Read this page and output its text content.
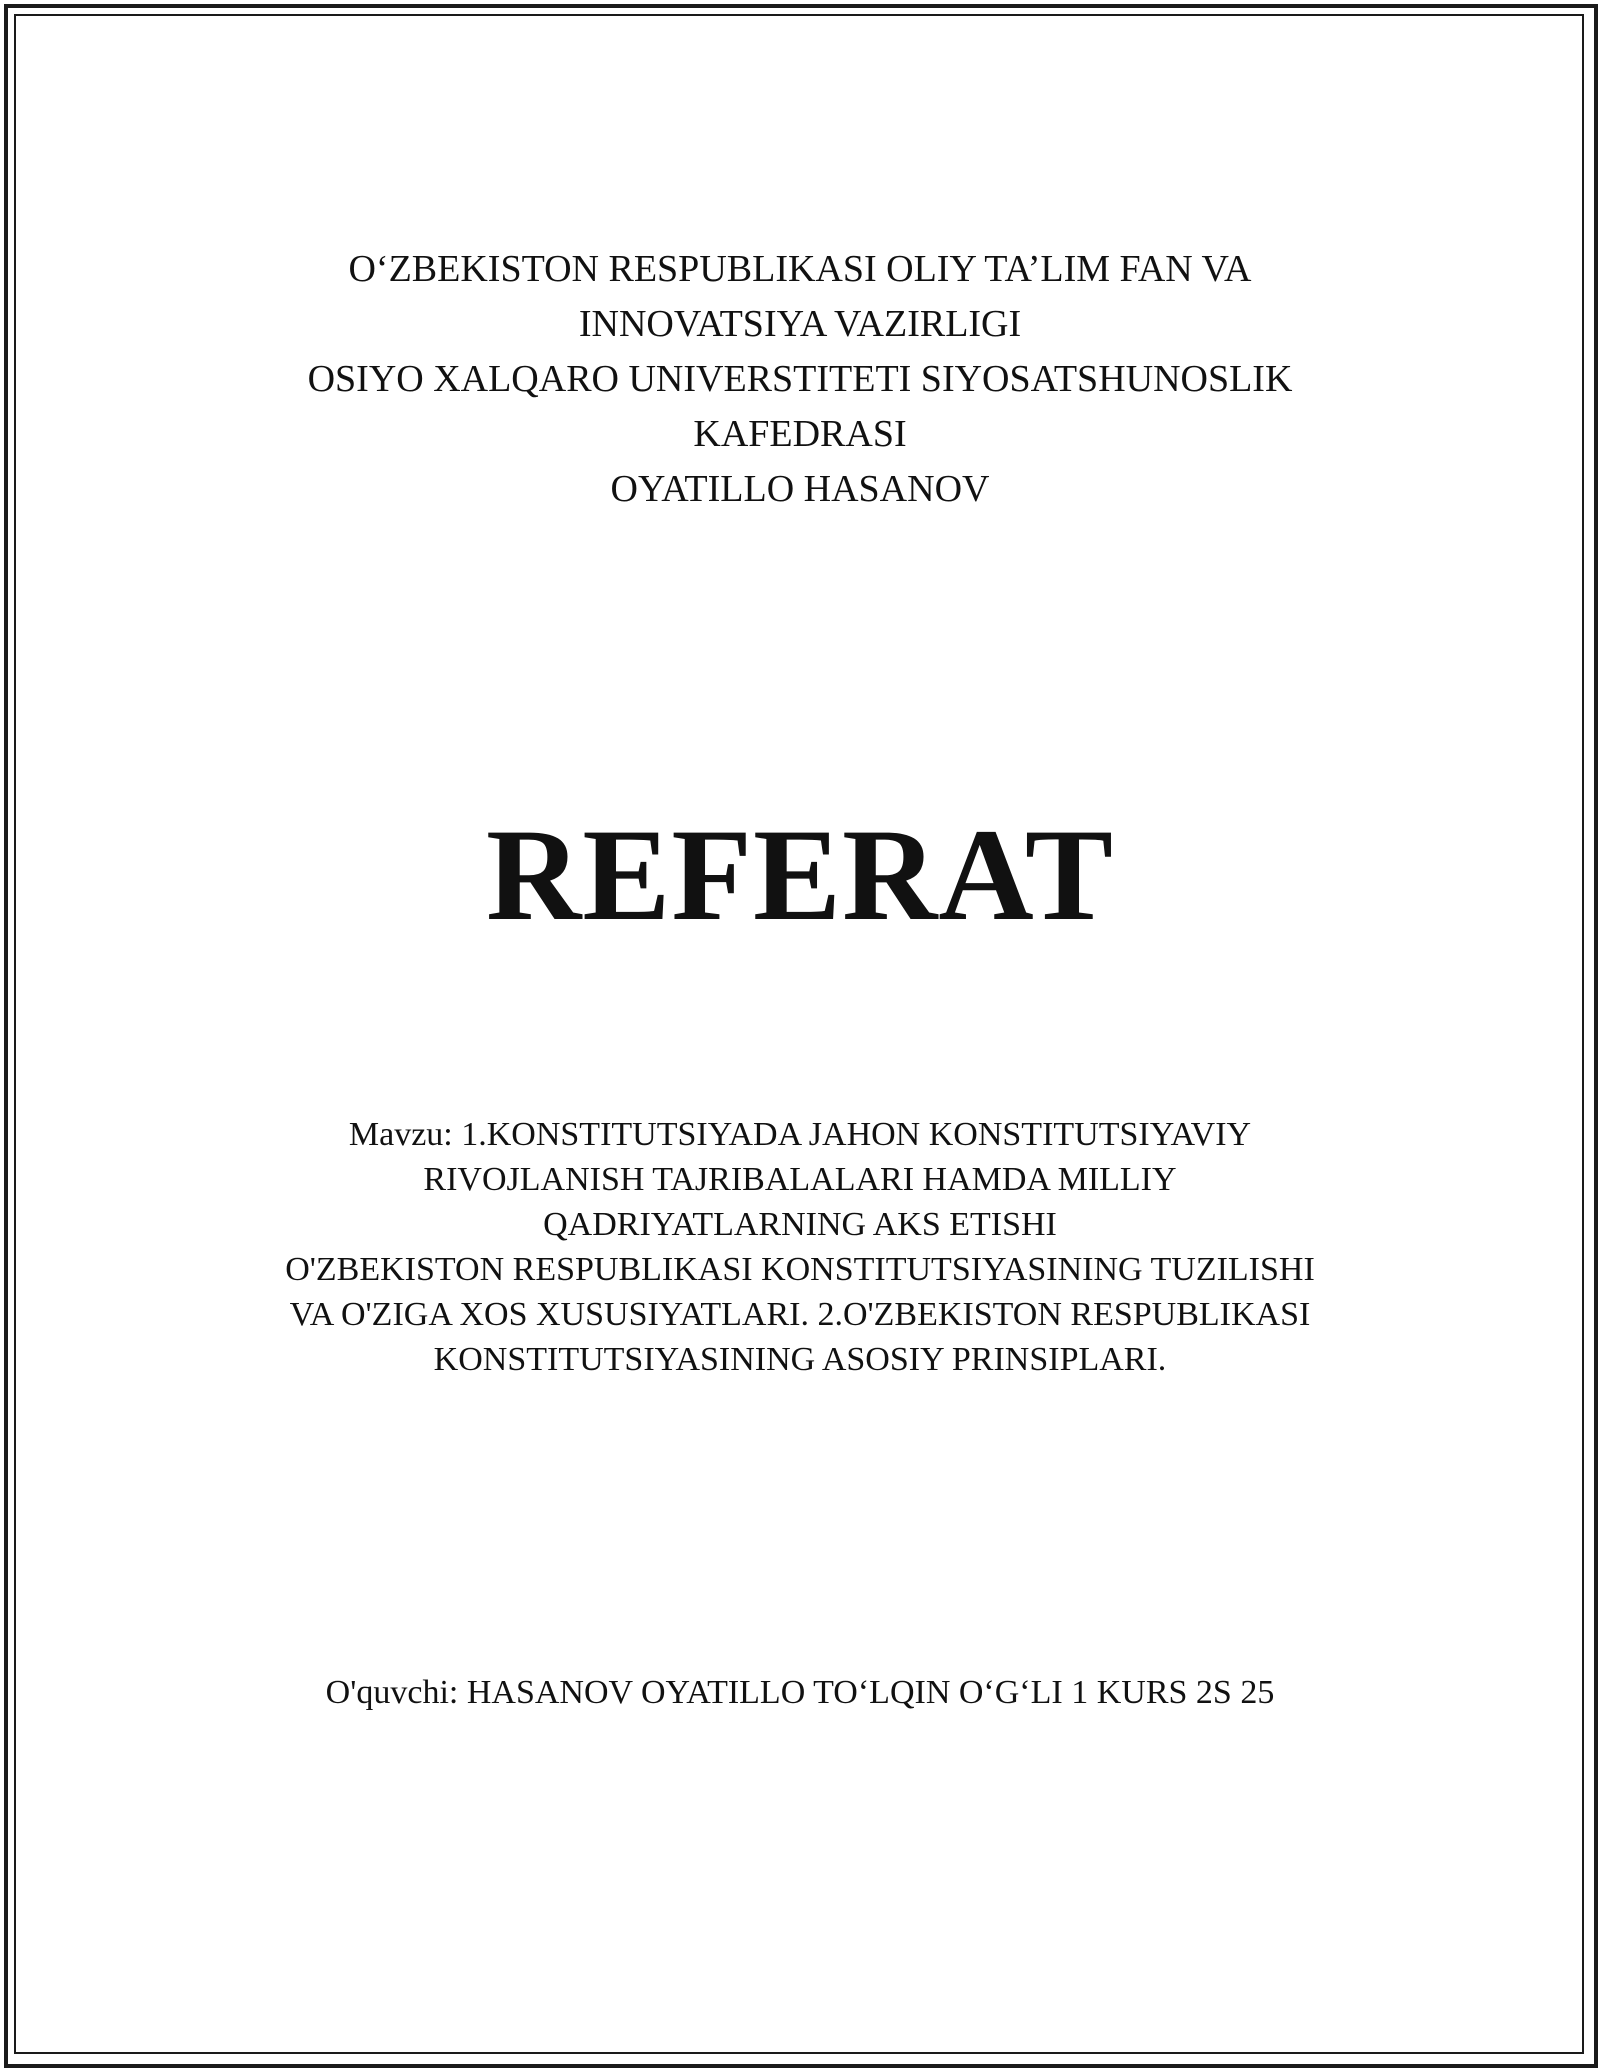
O‘ZBEKISTON RESPUBLIKASI OLIY TA’LIM FAN VA
INNOVATSIYA VAZIRLIGI
OSIYO XALQARO UNIVERSTITETI SIYOSATSHUNOSLIK
KAFEDRASI
OYATILLO HASANOV
REFERAT
Mavzu: 1.KONSTITUTSIYADA JAHON KONSTITUTSIYAVIY
RIVOJLANISH TAJRIBALALARI HAMDA MILLIY
QADRIYATLARNING AKS ETISHI
O'ZBEKISTON RESPUBLIKASI KONSTITUTSIYASINING TUZILISHI
VA O'ZIGA XOS XUSUSIYATLARI. 2.O'ZBEKISTON RESPUBLIKASI
KONSTITUTSIYASINING ASOSIY PRINSIPLARI.
O'quvchi: HASANOV OYATILLO TO‘LQIN O‘G‘LI 1 KURS 2S 25
